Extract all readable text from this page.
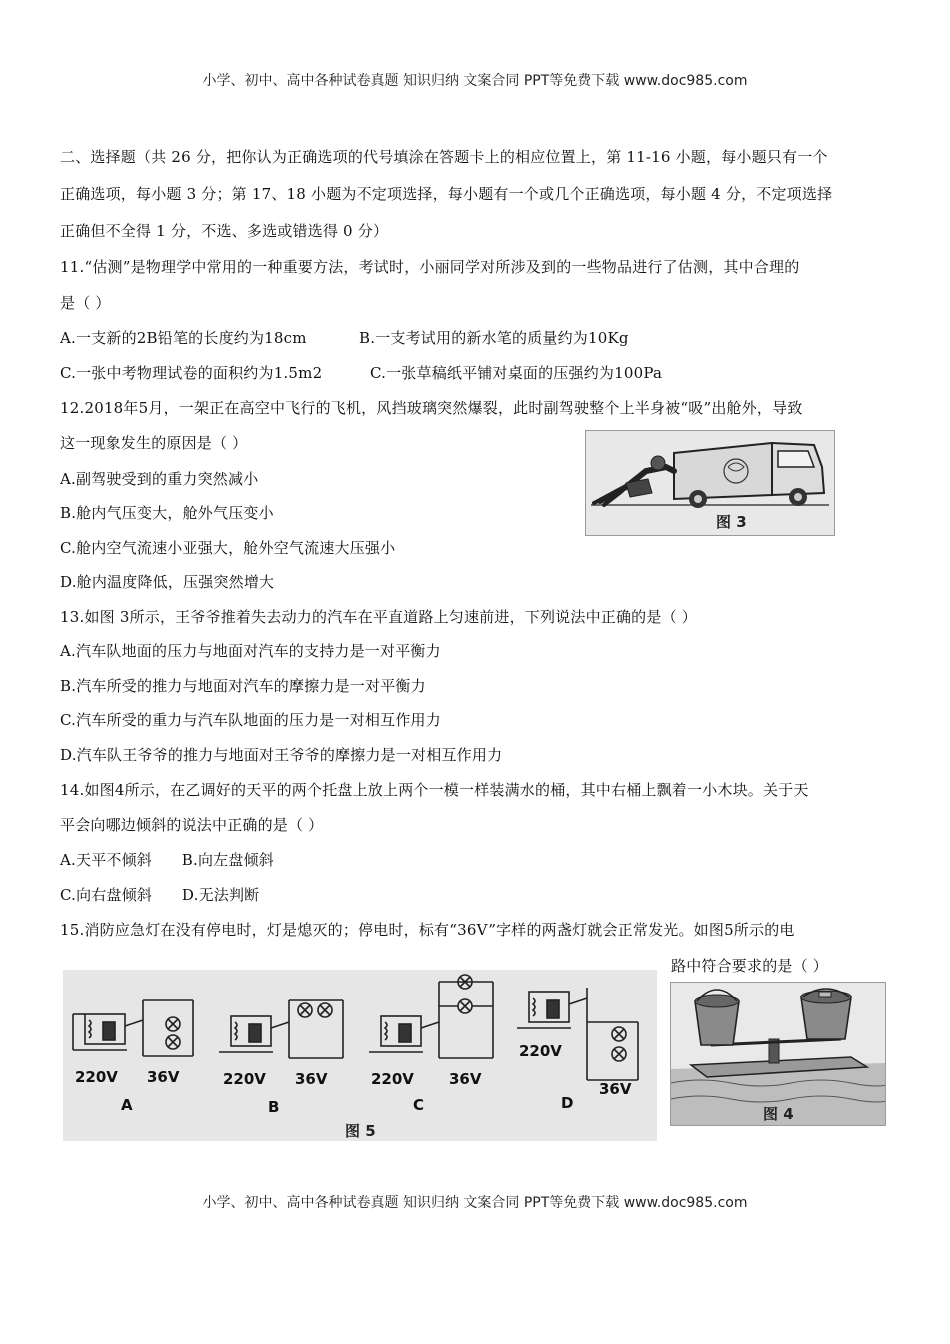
小学、初中、高中各种试卷真题 知识归纳 文案合同 PPT等免费下载 www.doc985.com
二、选择题（共 26 分，把你认为正确选项的代号填涂在答题卡上的相应位置上，第 11-16 小题，每小题只有一个
正确选项，每小题 3 分；第 17、18 小题为不定项选择，每小题有一个或几个正确选项，每小题 4 分，不定项选择
正确但不全得 1 分，不选、多选或错选得 0 分）
11.“估测”是物理学中常用的一种重要方法，考试时，小丽同学对所涉及到的一些物品进行了估测，其中合理的
是（ ）
A.一支新的2B铅笔的长度约为18cm	B.一支考试用的新水笔的质量约为10Kg
C.一张中考物理试卷的面积约为1.5m2	C.一张草稿纸平铺对桌面的压强约为100Pa
12.2018年5月，一架正在高空中飞行的飞机，风挡玻璃突然爆裂，此时副驾驶整个上半身被“吸”出舱外，导致
这一现象发生的原因是（ ）
A.副驾驶受到的重力突然减小
B.舱内气压变大，舱外气压变小
C.舱内空气流速小亚强大，舱外空气流速大压强小
D.舱内温度降低，压强突然增大
13.如图 3所示，王爷爷推着失去动力的汽车在平直道路上匀速前进，下列说法中正确的是（ ）
A.汽车队地面的压力与地面对汽车的支持力是一对平衡力
B.汽车所受的推力与地面对汽车的摩擦力是一对平衡力
C.汽车所受的重力与汽车队地面的压力是一对相互作用力
D.汽车队王爷爷的推力与地面对王爷爷的摩擦力是一对相互作用力
14.如图4所示，在乙调好的天平的两个托盘上放上两个一模一样装满水的桶，其中右桶上飘着一小木块。关于天
平会向哪边倾斜的说法中正确的是（ ）
A.天平不倾斜      B.向左盘倾斜
C.向右盘倾斜      D.无法判断
15.消防应急灯在没有停电时，灯是熄灭的；停电时，标有“36V”字样的两盏灯就会正常发光。如图5所示的电
路中符合要求的是（ ）
图 3
220V 36V
A
220V 36V
B
220V 36V
C
220V
36V
D
图 5
图 4
小学、初中、高中各种试卷真题 知识归纳 文案合同 PPT等免费下载 www.doc985.com
